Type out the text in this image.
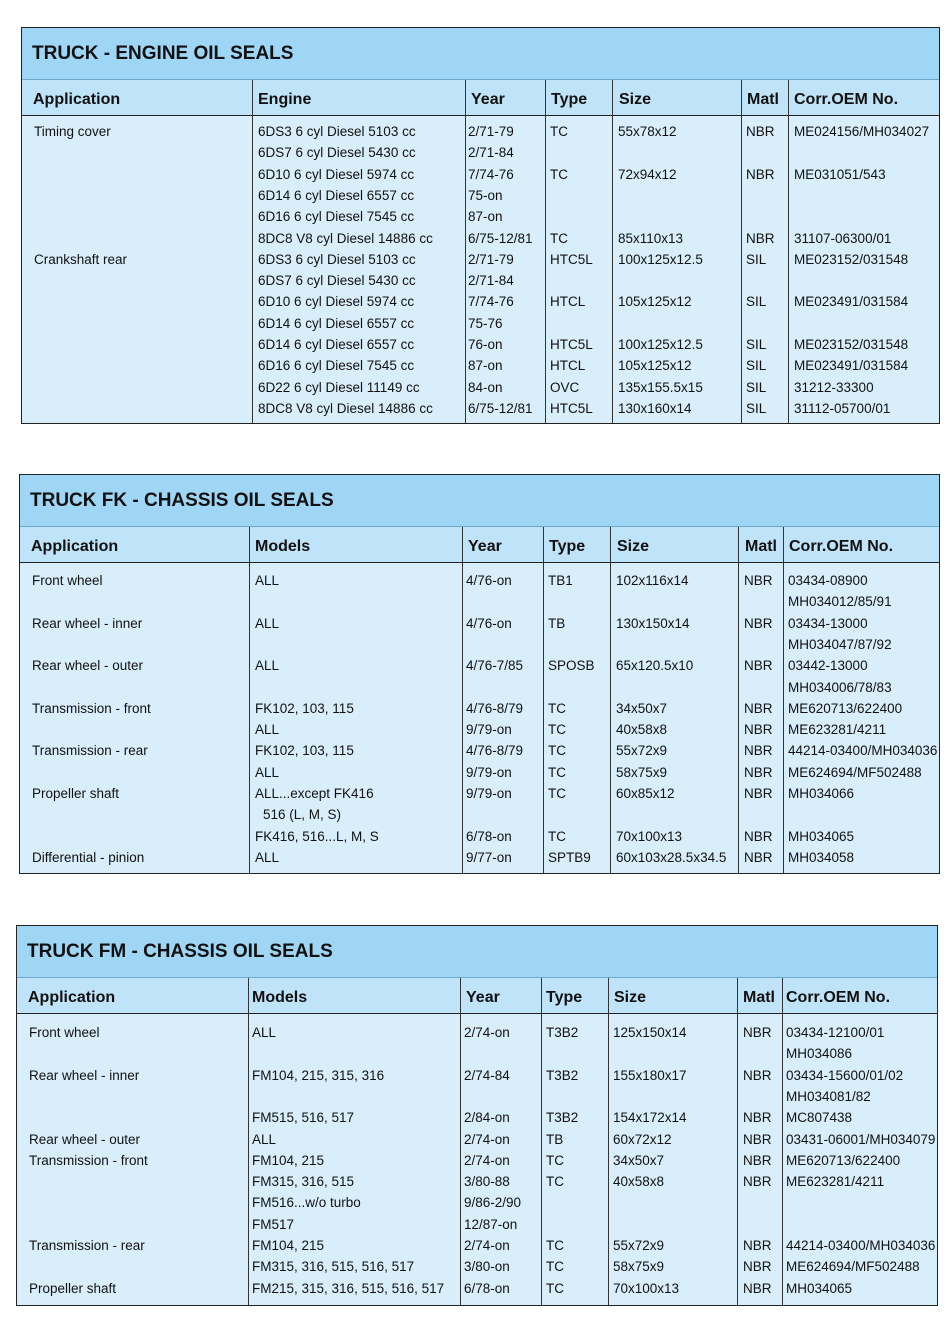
TRUCK - ENGINE OIL SEALS
Application	Engine	Year	Type Size	Matl Corr.OEM No.
Timing cover	6DS3 6 cyl Diesel 5103 cc	2/71-79	TC	55x78x12	NBR ME024156/MH034027
6DS7 6 cyl Diesel 5430 cc	2/71-84
6D10 6 cyl Diesel 5974 cc	7/74-76	TC	72x94x12	NBR ME031051/543
6D14 6 cyl Diesel 6557 cc	75-on
6D16 6 cyl Diesel 7545 cc	87-on
8DC8 V8 cyl Diesel 14886 cc	6/75-12/81 TC	85x110x13	NBR 31107-06300/01
Crankshaft rear	6DS3 6 cyl Diesel 5103 cc	2/71-79	HTC5L 100x125x12.5	SIL ME023152/031548
6DS7 6 cyl Diesel 5430 cc	2/71-84
6D10 6 cyl Diesel 5974 cc	7/74-76	HTCL 105x125x12	SIL ME023491/031584
6D14 6 cyl Diesel 6557 cc	75-76
6D14 6 cyl Diesel 6557 cc	76-on	HTC5L 100x125x12.5	SIL ME023152/031548
6D16 6 cyl Diesel 7545 cc	87-on	HTCL 105x125x12	SIL ME023491/031584
6D22 6 cyl Diesel 11149 cc	84-on	OVC	135x155.5x15	SIL 31212-33300
8DC8 V8 cyl Diesel 14886 cc	6/75-12/81 HTC5L 130x160x14	SIL 31112-05700/01
TRUCK FK - CHASSIS OIL SEALS
Application	Models	Year	Type Size	Matl Corr.OEM No.
Front wheel	ALL	4/76-on	TB1	102x116x14	NBR 03434-08900
MH034012/85/91
Rear wheel - inner	ALL	4/76-on	TB	130x150x14	NBR 03434-13000
MH034047/87/92
Rear wheel - outer	ALL	4/76-7/85 SPOSB 65x120.5x10	NBR 03442-13000
MH034006/78/83
Transmission - front	FK102, 103, 115	4/76-8/79 TC	34x50x7	NBR ME620713/622400
ALL	9/79-on	TC	40x58x8	NBR ME623281/4211
Transmission - rear	FK102, 103, 115	4/76-8/79 TC	55x72x9	NBR 44214-03400/MH034036
ALL	9/79-on	TC	58x75x9	NBR ME624694/MF502488
Propeller shaft	ALL...except FK416	9/79-on	TC	60x85x12	NBR MH034066
516 (L, M, S)
FK416, 516...L, M, S	6/78-on	TC	70x100x13	NBR MH034065
Differential - pinion	ALL	9/77-on	SPTB9 60x103x28.5x34.5 NBR MH034058
TRUCK FM - CHASSIS OIL SEALS
Application	Models	Year	Type Size	Matl Corr.OEM No.
Front wheel	ALL	2/74-on	T3B2	125x150x14	NBR 03434-12100/01
MH034086
Rear wheel - inner	FM104, 215, 315, 316	2/74-84	T3B2	155x180x17	NBR 03434-15600/01/02
MH034081/82
FM515, 516, 517	2/84-on	T3B2	154x172x14	NBR MC807438
Rear wheel - outer	ALL	2/74-on	TB	60x72x12	NBR 03431-06001/MH034079
Transmission - front	FM104, 215	2/74-on	TC	34x50x7	NBR ME620713/622400
FM315, 316, 515	3/80-88	TC	40x58x8	NBR ME623281/4211
FM516...w/o turbo	9/86-2/90
FM517	12/87-on
Transmission - rear	FM104, 215	2/74-on	TC	55x72x9	NBR 44214-03400/MH034036
FM315, 316, 515, 516, 517	3/80-on	TC	58x75x9	NBR ME624694/MF502488
Propeller shaft	FM215, 315, 316, 515, 516, 517 6/78-on	TC	70x100x13	NBR MH034065
